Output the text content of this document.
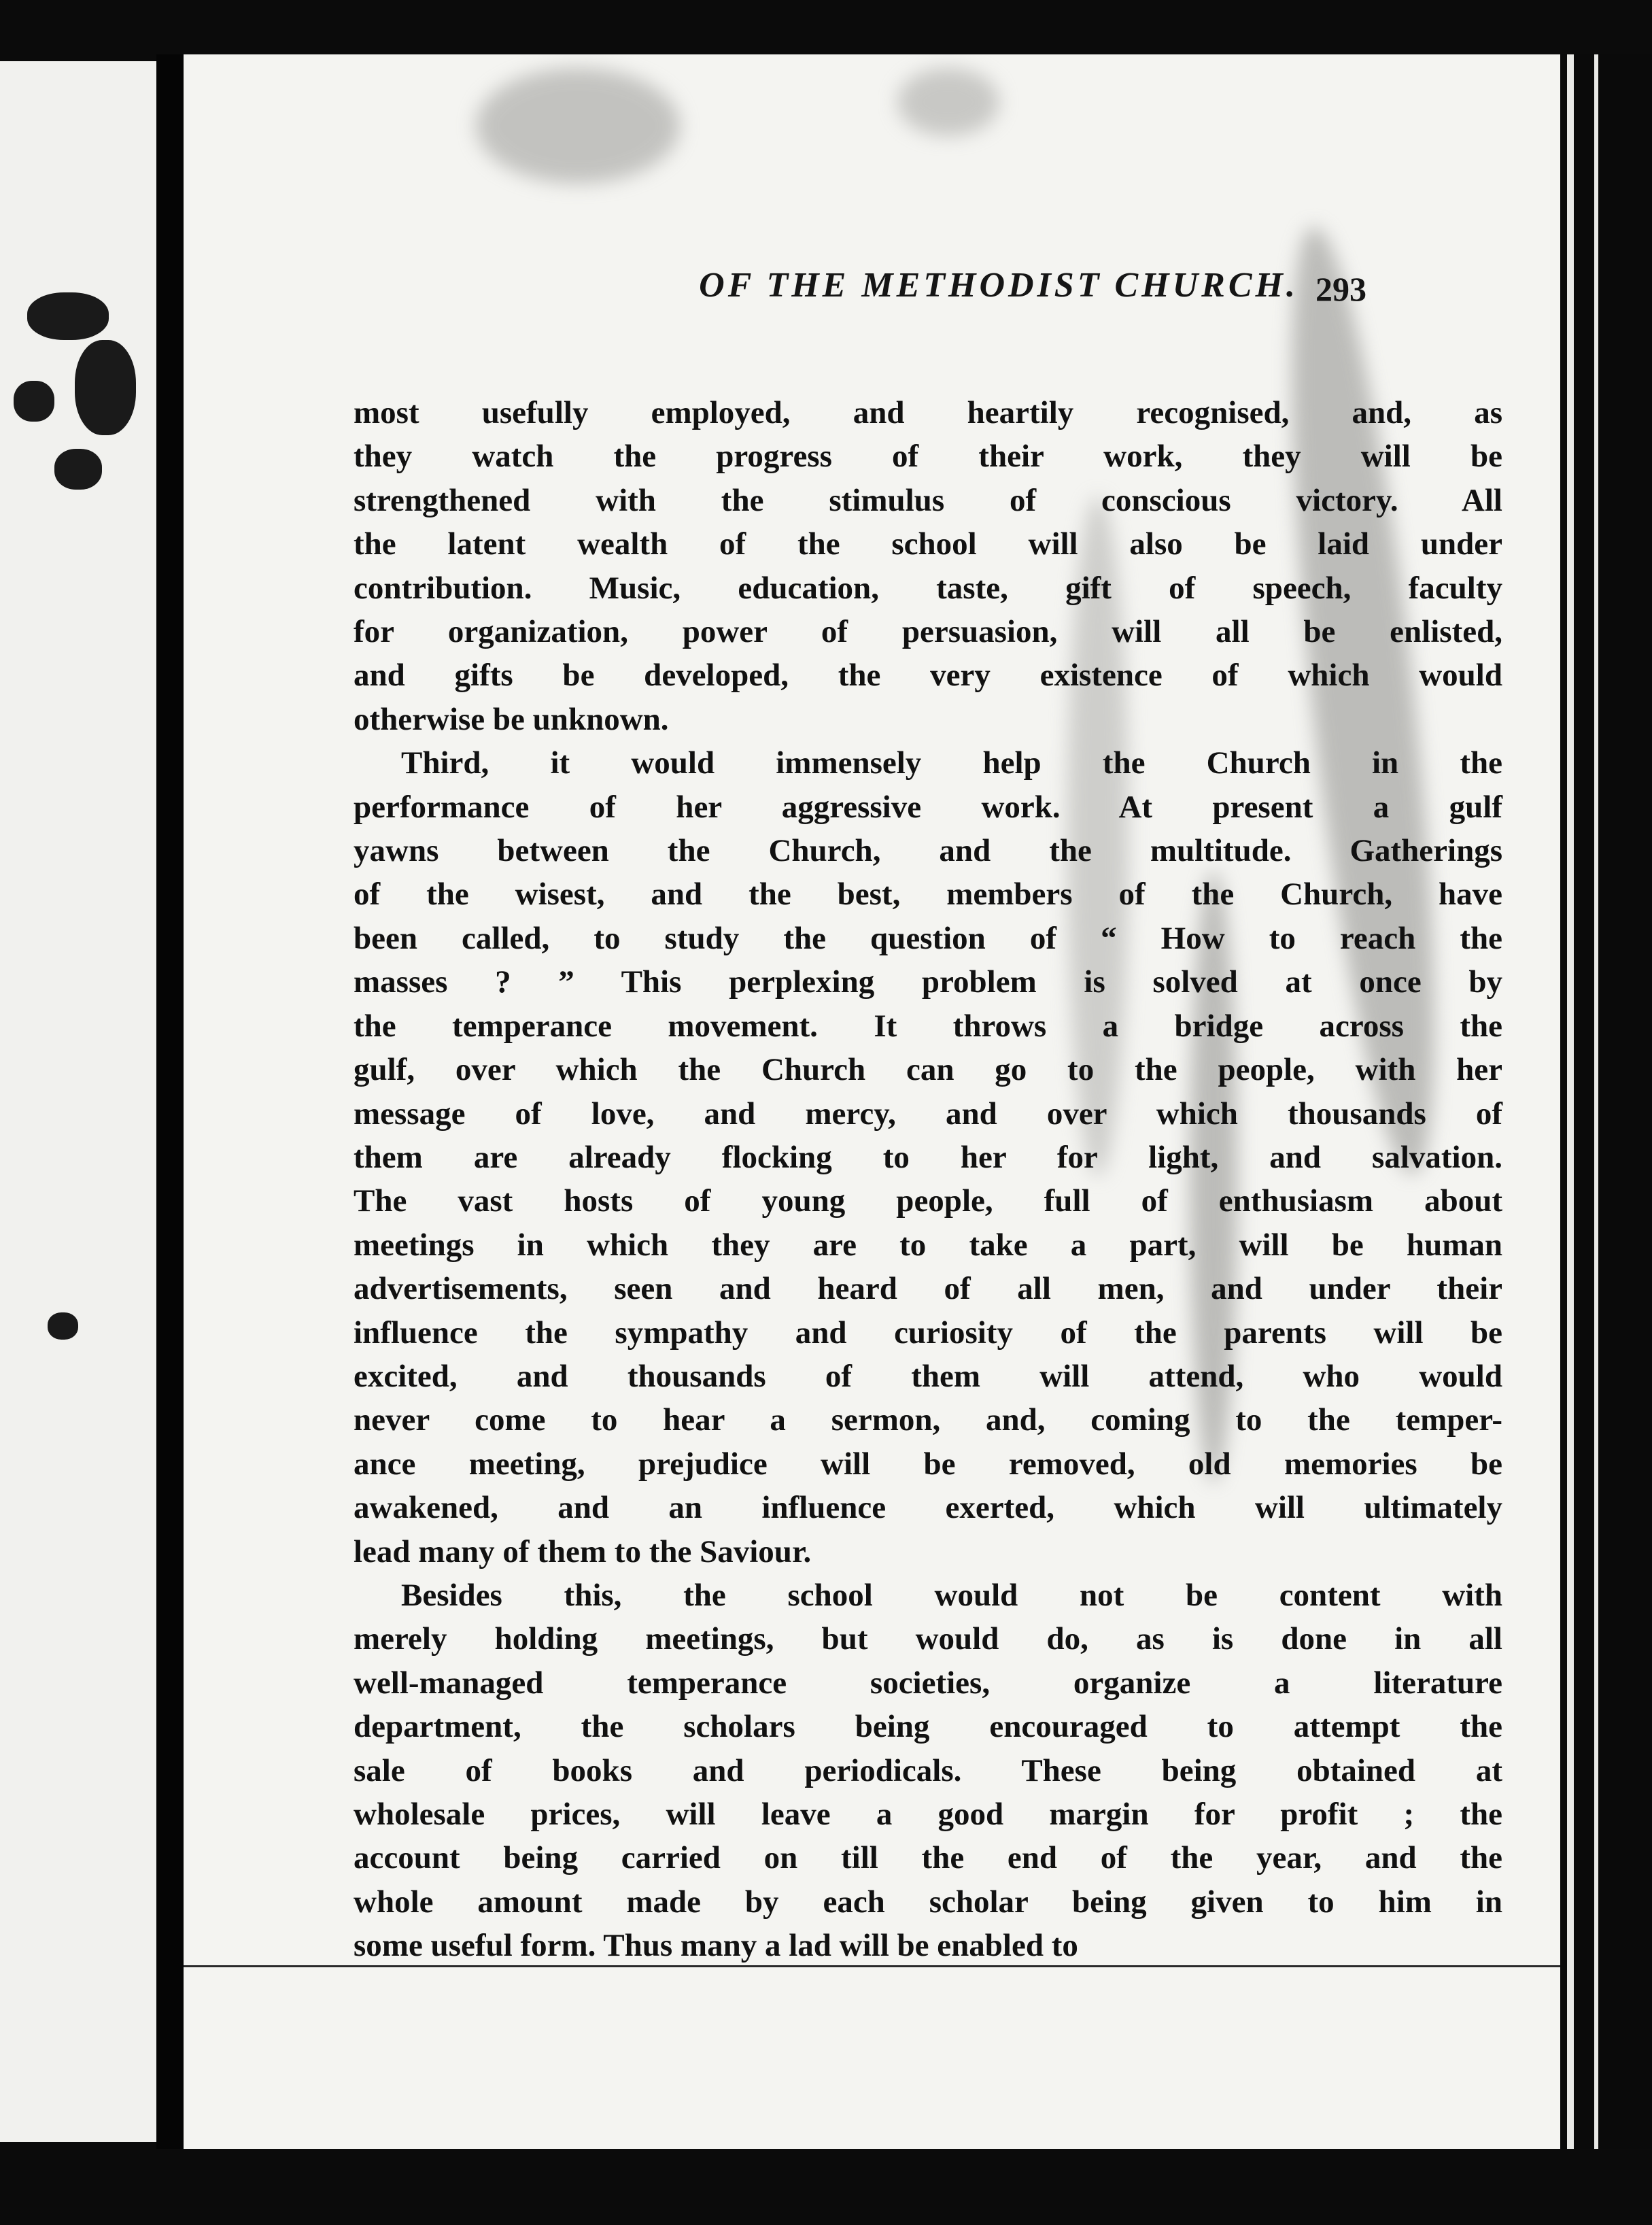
OF THE METHODIST CHURCH. 293

most usefully employed, and heartily recognised, and, as
they watch the progress of their work, they will be
strengthened with the stimulus of conscious victory. All
the latent wealth of the school will also be laid under
contribution. Music, education, taste, gift of speech, faculty
for organization, power of persuasion, will all be enlisted,
and gifts be developed, the very existence of which would
otherwise be unknown.

Third, it would immensely help the Church in the
performance of her aggressive work. At present a gulf
yawns between the Church, and the multitude. Gatherings
of the wisest, and the best, members of the Church, have
been called, to study the question of “ How to reach the
masses ? ” This perplexing problem is solved at once by
the temperance movement. It throws a bridge across the
gulf, over which the Church can go to the people, with her
message of love, and mercy, and over which thousands of
them are already flocking to her for light, and salvation.
The vast hosts of young people, full of enthusiasm about
meetings in which they are to take a part, will be human
advertisements, seen and heard of all men, and under their
influence the sympathy and curiosity of the parents will be
excited, and thousands of them will attend, who would
never come to hear a sermon, and, coming to the temper-
ance meeting, prejudice will be removed, old memories be
awakened, and an influence exerted, which will ultimately
lead many of them to the Saviour.

Besides this, the school would not be content with
merely holding meetings, but would do, as is done in all
well-managed temperance societies, organize a literature
department, the scholars being encouraged to attempt the
sale of books and periodicals. These being obtained at
wholesale prices, will leave a good margin for profit ; the
account being carried on till the end of the year, and the
whole amount made by each scholar being given to him in
some useful form. Thus many a lad will be enabled to
